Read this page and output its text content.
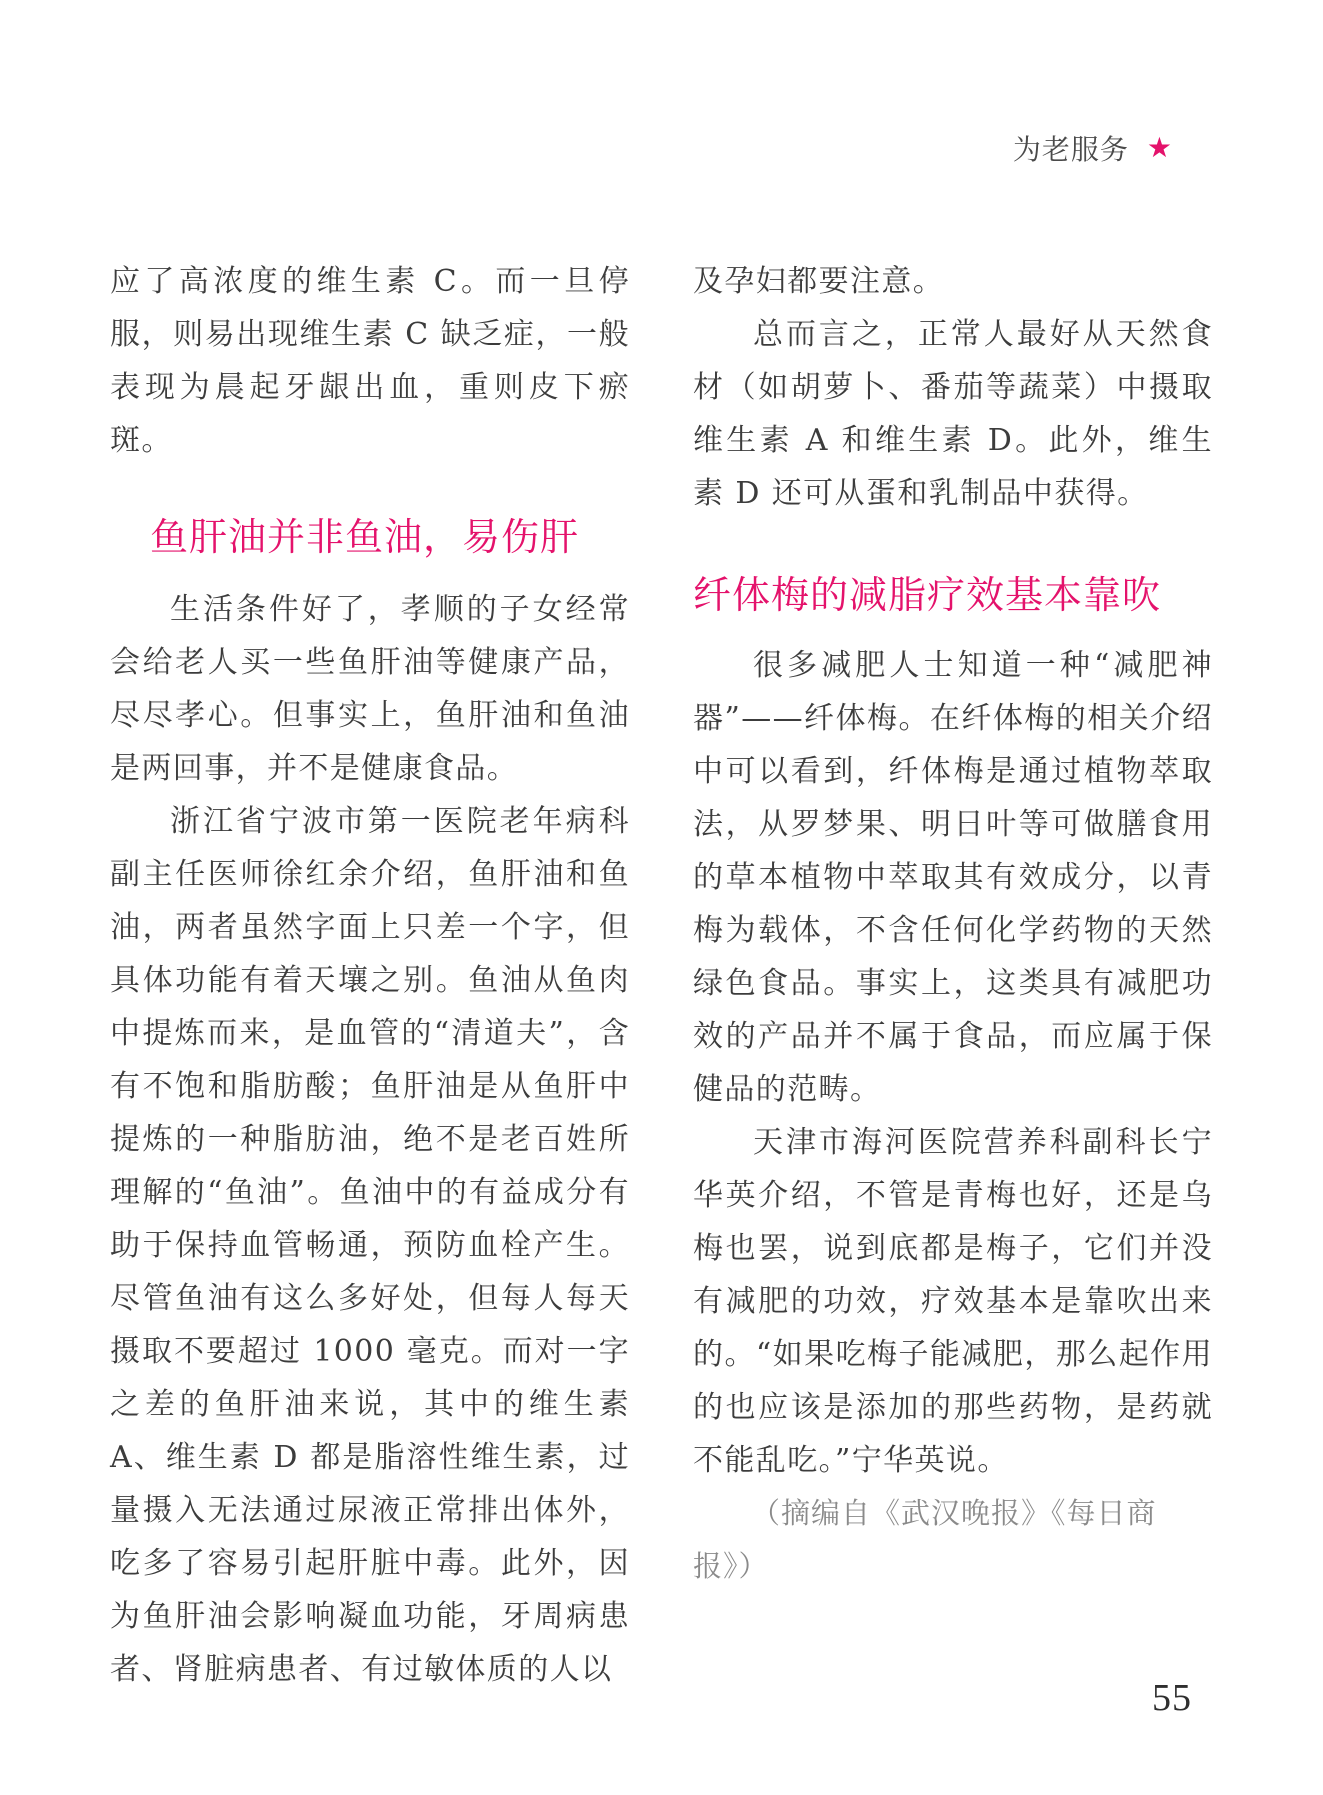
为老服务 ★

应了高浓度的维生素 C。而一旦停服，则易出现维生素 C 缺乏症，一般表现为晨起牙龈出血，重则皮下瘀斑。

鱼肝油并非鱼油，易伤肝

生活条件好了，孝顺的子女经常会给老人买一些鱼肝油等健康产品，尽尽孝心。但事实上，鱼肝油和鱼油是两回事，并不是健康食品。

浙江省宁波市第一医院老年病科副主任医师徐红余介绍，鱼肝油和鱼油，两者虽然字面上只差一个字，但具体功能有着天壤之别。鱼油从鱼肉中提炼而来，是血管的“清道夫”，含有不饱和脂肪酸；鱼肝油是从鱼肝中提炼的一种脂肪油，绝不是老百姓所理解的“鱼油”。鱼油中的有益成分有助于保持血管畅通，预防血栓产生。尽管鱼油有这么多好处，但每人每天摄取不要超过 1000 毫克。而对一字之差的鱼肝油来说，其中的维生素 A、维生素 D 都是脂溶性维生素，过量摄入无法通过尿液正常排出体外，吃多了容易引起肝脏中毒。此外，因为鱼肝油会影响凝血功能，牙周病患者、肾脏病患者、有过敏体质的人以

及孕妇都要注意。

总而言之，正常人最好从天然食材（如胡萝卜、番茄等蔬菜）中摄取维生素 A 和维生素 D。此外，维生素 D 还可从蛋和乳制品中获得。

纤体梅的减脂疗效基本靠吹

很多减肥人士知道一种“减肥神器”——纤体梅。在纤体梅的相关介绍中可以看到，纤体梅是通过植物萃取法，从罗梦果、明日叶等可做膳食用的草本植物中萃取其有效成分，以青梅为载体，不含任何化学药物的天然绿色食品。事实上，这类具有减肥功效的产品并不属于食品，而应属于保健品的范畴。

天津市海河医院营养科副科长宁华英介绍，不管是青梅也好，还是乌梅也罢，说到底都是梅子，它们并没有减肥的功效，疗效基本是靠吹出来的。“如果吃梅子能减肥，那么起作用的也应该是添加的那些药物，是药就不能乱吃。”宁华英说。

（摘编自《武汉晚报》《每日商报》）

55
